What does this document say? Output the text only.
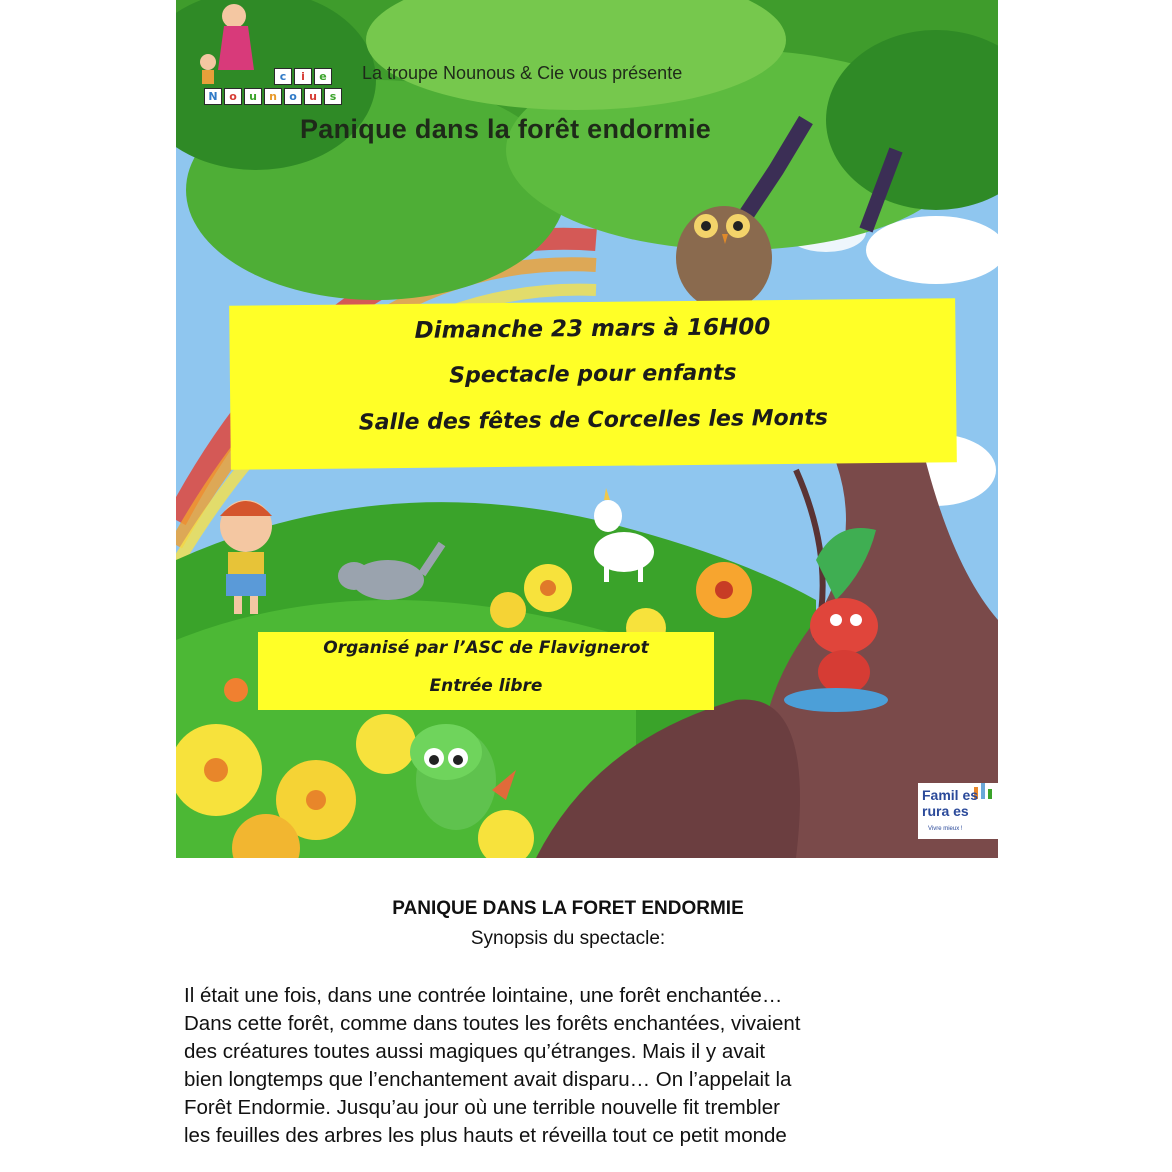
c	i	e
N	o	u	n	o	u	s
La troupe Nounous & Cie vous présente
Panique dans la forêt endormie
Dimanche 23 mars à 16H00
Spectacle pour enfants
Salle des fêtes de Corcelles les Monts
Organisé par l’ASC de Flavignerot
Entrée libre
Famil es
rura es
Vivre mieux !
PANIQUE DANS LA FORET ENDORMIE
Synopsis du spectacle:
Il était une fois, dans une contrée lointaine, une forêt enchantée…
Dans cette forêt, comme dans toutes les forêts enchantées, vivaient
des créatures toutes aussi magiques qu’étranges. Mais il y avait
bien longtemps que l’enchantement avait disparu… On l’appelait la
Forêt Endormie. Jusqu’au jour où une terrible nouvelle fit trembler
les feuilles des arbres les plus hauts et réveilla tout ce petit monde
